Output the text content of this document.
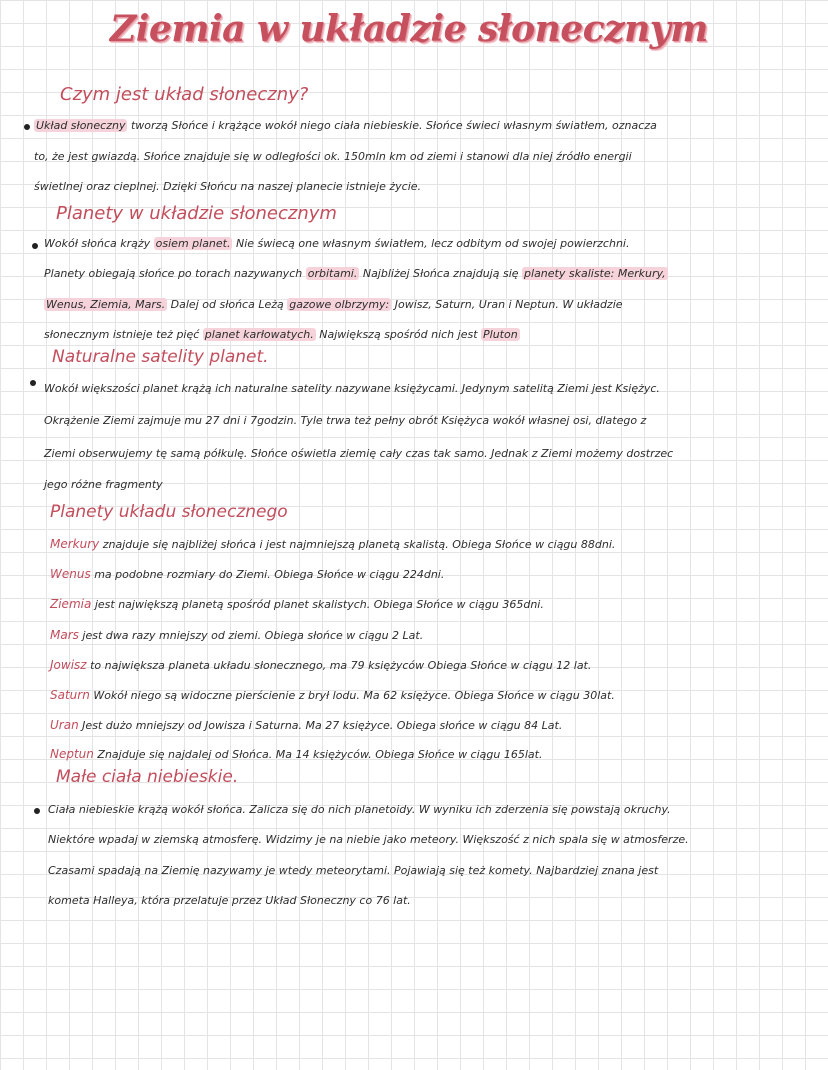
Ziemia w układzie słonecznym
Czym jest układ słoneczny?
Układ słoneczny tworzą Słońce i krążące wokół niego ciała niebieskie. Słońce świeci własnym światłem, oznacza
to, że jest gwiazdą. Słońce znajduje się w odległości ok. 150mln km od ziemi i stanowi dla niej źródło energii
świetlnej oraz cieplnej. Dzięki Słońcu na naszej planecie istnieje życie.
Planety w układzie słonecznym
Wokół słońca krąży osiem planet. Nie świecą one własnym światłem, lecz odbitym od swojej powierzchni.
Planety obiegają słońce po torach nazywanych orbitami. Najbliżej Słońca znajdują się planety skaliste: Merkury,
Wenus, Ziemia, Mars. Dalej od słońca Leżą gazowe olbrzymy: Jowisz, Saturn, Uran i Neptun. W układzie
słonecznym istnieje też pięć planet karłowatych. Największą spośród nich jest Pluton
Naturalne satelity planet.
Wokół większości planet krążą ich naturalne satelity nazywane księżycami. Jedynym satelitą Ziemi jest Księżyc.
Okrążenie Ziemi zajmuje mu 27 dni i 7godzin. Tyle trwa też pełny obrót Księżyca wokół własnej osi, dlatego z
Ziemi obserwujemy tę samą półkulę. Słońce oświetla ziemię cały czas tak samo. Jednak z Ziemi możemy dostrzec
jego różne fragmenty
Planety układu słonecznego
Merkury znajduje się najbliżej słońca i jest najmniejszą planetą skalistą. Obiega Słońce w ciągu 88dni.
Wenus ma podobne rozmiary do Ziemi. Obiega Słońce w ciągu 224dni.
Ziemia jest największą planetą spośród planet skalistych. Obiega Słońce w ciągu 365dni.
Mars jest dwa razy mniejszy od ziemi. Obiega słońce w ciągu 2 Lat.
Jowisz to największa planeta układu słonecznego, ma 79 księżyców Obiega Słońce w ciągu 12 lat.
Saturn Wokół niego są widoczne pierścienie z brył lodu. Ma 62 księżyce. Obiega Słońce w ciągu 30lat.
Uran Jest dużo mniejszy od Jowisza i Saturna. Ma 27 księżyce. Obiega słońce w ciągu 84 Lat.
Neptun Znajduje się najdalej od Słońca. Ma 14 księżyców. Obiega Słońce w ciągu 165lat.
Małe ciała niebieskie.
Ciała niebieskie krążą wokół słońca. Zalicza się do nich planetoidy. W wyniku ich zderzenia się powstają okruchy.
Niektóre wpadaj w ziemską atmosferę. Widzimy je na niebie jako meteory. Większość z nich spala się w atmosferze.
Czasami spadają na Ziemię nazywamy je wtedy meteorytami. Pojawiają się też komety. Najbardziej znana jest
kometa Halleya, która przelatuje przez Układ Słoneczny co 76 lat.
